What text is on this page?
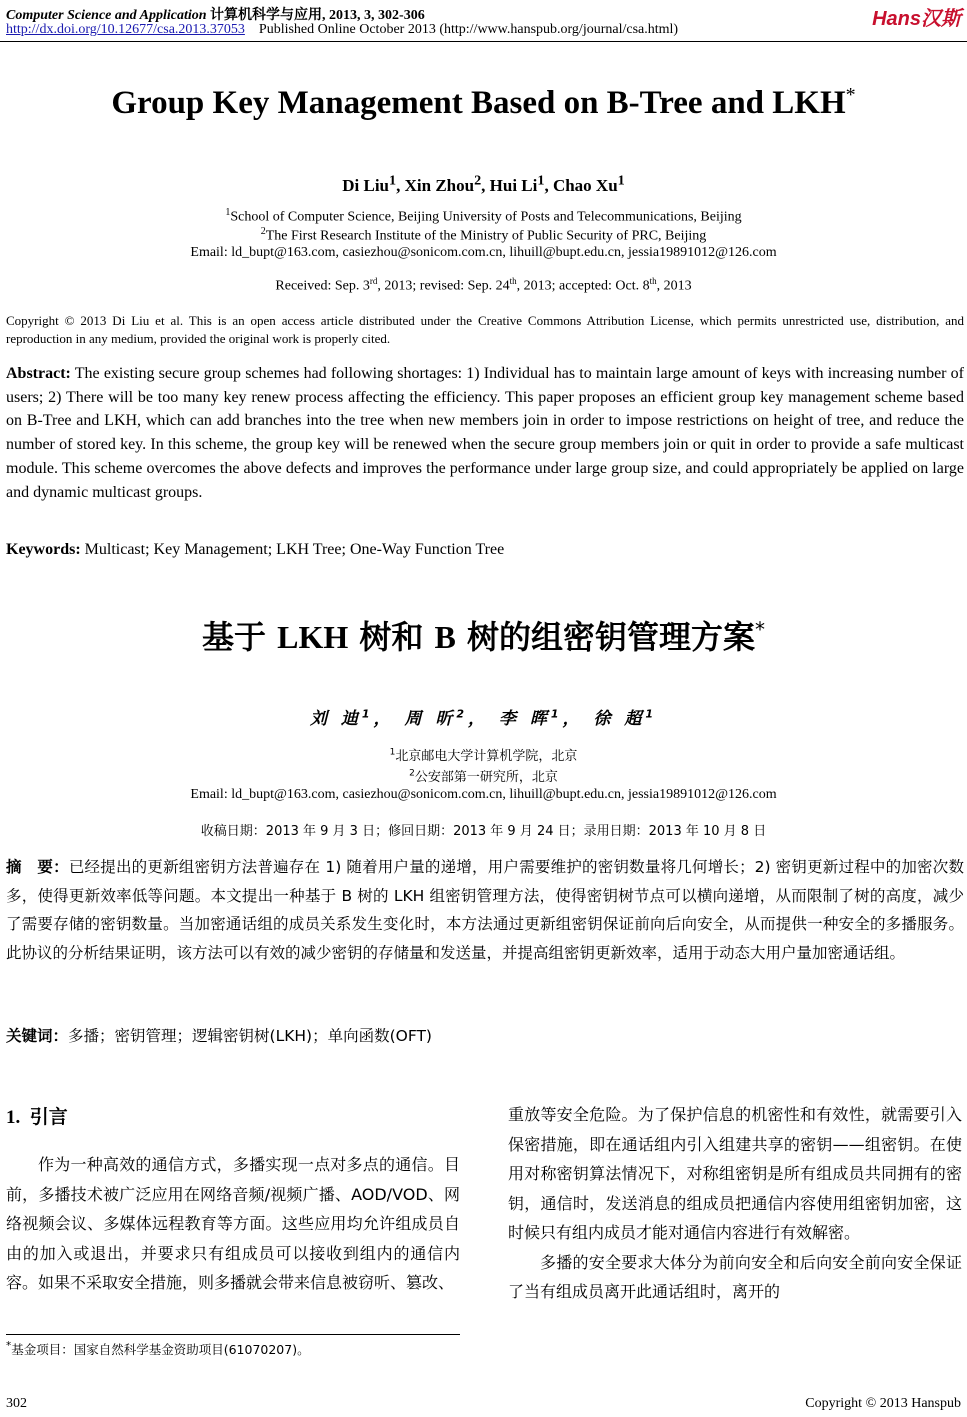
Computer Science and Application 计算机科学与应用, 2013, 3, 302-306	Hans汉斯
http://dx.doi.org/10.12677/csa.2013.37053 Published Online October 2013 (http://www.hanspub.org/journal/csa.html)
Group Key Management Based on B-Tree and LKH*
Di Liu$^1$, Xin Zhou$^2$, Hui Li$^1$, Chao Xu$^1$
$^1$School of Computer Science, Beijing University of Posts and Telecommunications, Beijing
$^2$The First Research Institute of the Ministry of Public Security of PRC, Beijing
Email: ld_bupt@163.com, casiezhou@sonicom.com.cn, lihuill@bupt.edu.cn, jessia19891012@126.com
Received: Sep. 3rd, 2013; revised: Sep. 24th, 2013; accepted: Oct. 8th, 2013
Copyright © 2013 Di Liu et al. This is an open access article distributed under the Creative Commons Attribution License, which permits unrestricted use, distribution, and reproduction in any medium, provided the original work is properly cited.
Abstract: The existing secure group schemes had following shortages: 1) Individual has to maintain large amount of keys with increasing number of users; 2) There will be too many key renew process affecting the efficiency. This paper proposes an efficient group key management scheme based on B-Tree and LKH, which can add branches into the tree when new members join in order to impose restrictions on height of tree, and reduce the number of stored key. In this scheme, the group key will be renewed when the secure group members join or quit in order to provide a safe multicast module. This scheme overcomes the above defects and improves the performance under large group size, and could appropriately be applied on large and dynamic multicast groups.
Keywords: Multicast; Key Management; LKH Tree; One-Way Function Tree
基于 LKH 树和 B 树的组密钥管理方案*
刘 迪$^1$， 周 昕$^2$， 李 晖$^1$， 徐 超$^1$
$^1$北京邮电大学计算机学院，北京
$^2$公安部第一研究所，北京
Email: ld_bupt@163.com, casiezhou@sonicom.com.cn, lihuill@bupt.edu.cn, jessia19891012@126.com
收稿日期：2013 年 9 月 3 日；修回日期：2013 年 9 月 24 日；录用日期：2013 年 10 月 8 日
摘　要：已经提出的更新组密钥方法普遍存在 1) 随着用户量的递增，用户需要维护的密钥数量将几何增长；2) 密钥更新过程中的加密次数多，使得更新效率低等问题。本文提出一种基于 B 树的 LKH 组密钥管理方法，使得密钥树节点可以横向递增，从而限制了树的高度，减少了需要存储的密钥数量。当加密通话组的成员关系发生变化时，本方法通过更新组密钥保证前向后向安全，从而提供一种安全的多播服务。此协议的分析结果证明，该方法可以有效的减少密钥的存储量和发送量，并提高组密钥更新效率，适用于动态大用户量加密通话组。
关键词：多播；密钥管理；逻辑密钥树(LKH)；单向函数(OFT)
1. 引言

作为一种高效的通信方式，多播实现一点对多点的通信。目前，多播技术被广泛应用在网络音频/视频广播、AOD/VOD、网络视频会议、多媒体远程教育等方面。这些应用均允许组成员自由的加入或退出，并要求只有组成员可以接收到组内的通信内容。如果不采取安全措施，则多播就会带来信息被窃听、篡改、

重放等安全危险。为了保护信息的机密性和有效性，就需要引入保密措施，即在通话组内引入组建共享的密钥——组密钥。在使用对称密钥算法情况下，对称组密钥是所有组成员共同拥有的密钥，通信时，发送消息的组成员把通信内容使用组密钥加密，这时候只有组内成员才能对通信内容进行有效解密。

多播的安全要求大体分为前向安全和后向安全前向安全保证了当有组成员离开此通话组时，离开的

*基金项目：国家自然科学基金资助项目(61070207)。
302	Copyright © 2013 Hanspub
